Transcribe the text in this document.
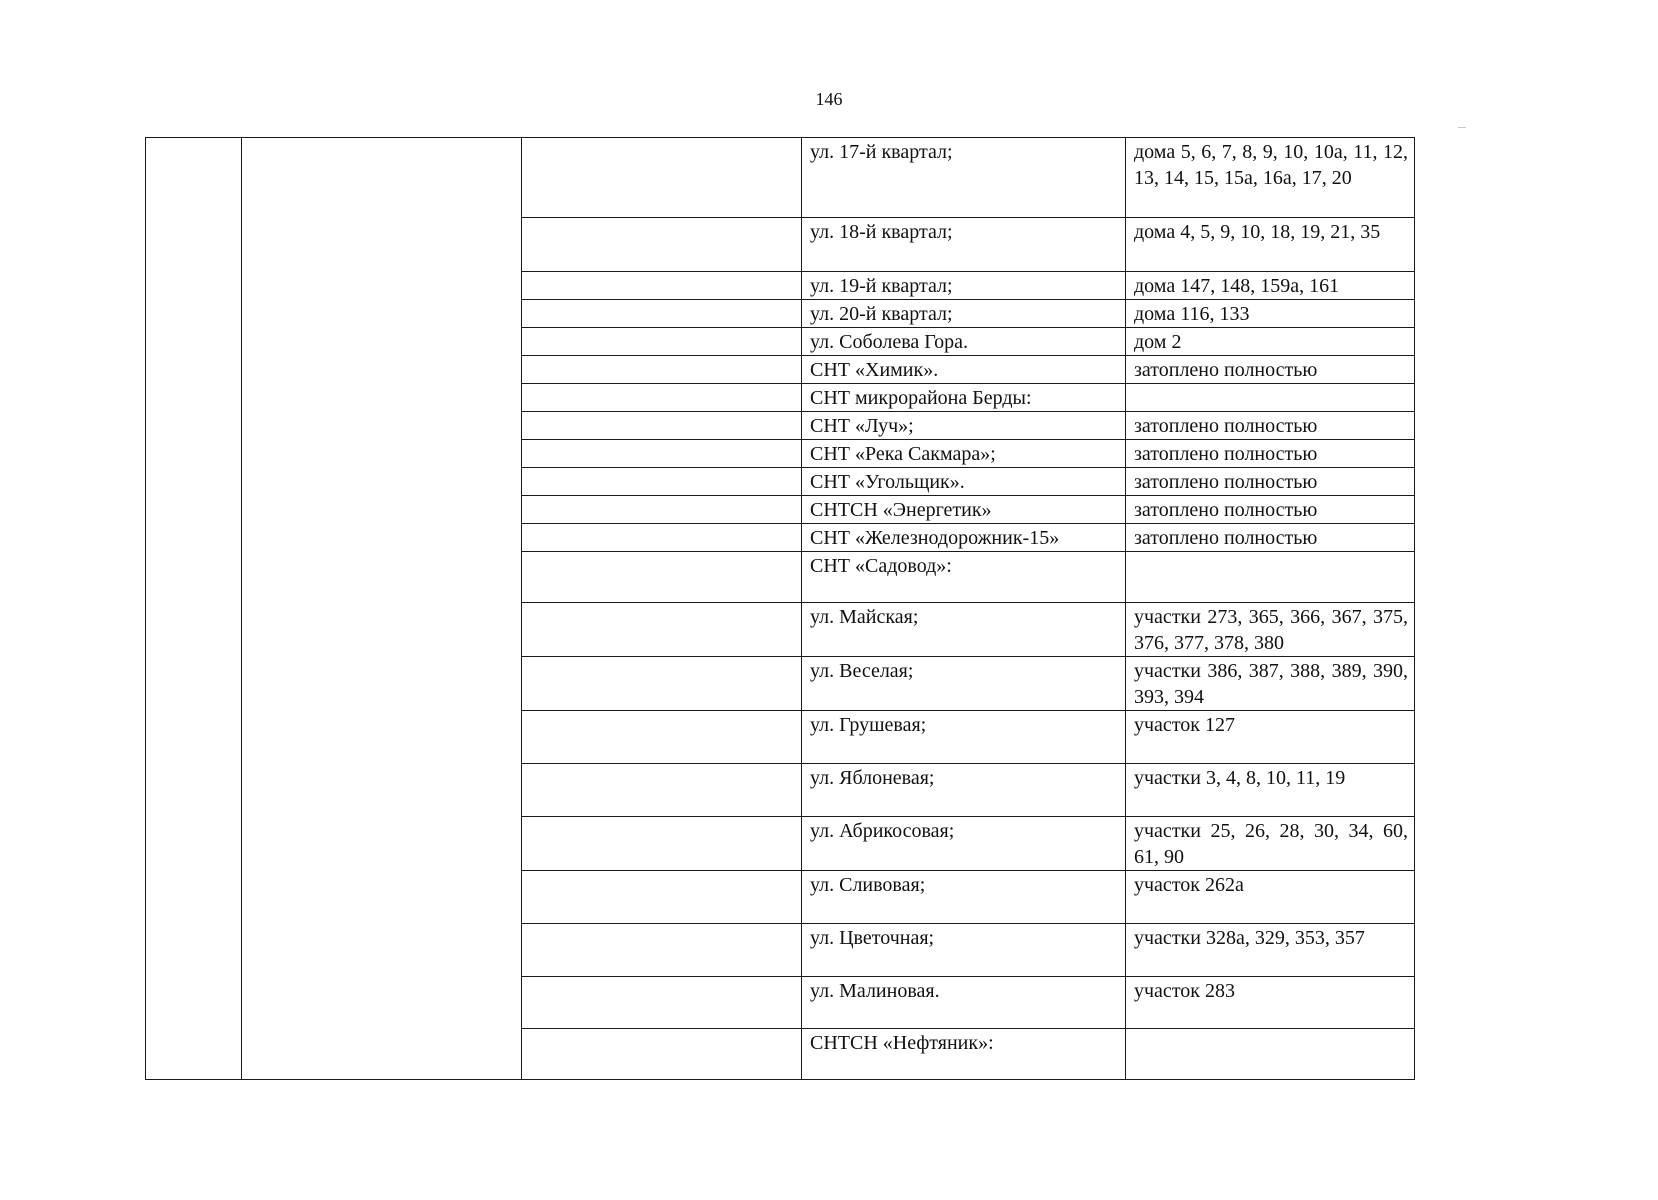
146
			ул. 17-й квартал;	дома 5, 6, 7, 8, 9, 10, 10а, 11, 12, 13, 14, 15, 15а, 16а, 17, 20
			ул. 18-й квартал;	дома 4, 5, 9, 10, 18, 19, 21, 35
			ул. 19-й квартал;	дома 147, 148, 159а, 161
			ул. 20-й квартал;	дома 116, 133
			ул. Соболева Гора.	дом 2
			СНТ «Химик».	затоплено полностью
			СНТ микрорайона Берды:	
			СНТ «Луч»;	затоплено полностью
			СНТ «Река Сакмара»;	затоплено полностью
			СНТ «Угольщик».	затоплено полностью
			СНТСН «Энергетик»	затоплено полностью
			СНТ «Железнодорожник-15»	затоплено полностью
			СНТ «Садовод»:	
			ул. Майская;	участки 273, 365, 366, 367, 375, 376, 377, 378, 380
			ул. Веселая;	участки 386, 387, 388, 389, 390, 393, 394
			ул. Грушевая;	участок 127
			ул. Яблоневая;	участки 3, 4, 8, 10, 11, 19
			ул. Абрикосовая;	участки 25, 26, 28, 30, 34, 60, 61, 90
			ул. Сливовая;	участок 262а
			ул. Цветочная;	участки 328а, 329, 353, 357
			ул. Малиновая.	участок 283
			СНТСН «Нефтяник»:	
